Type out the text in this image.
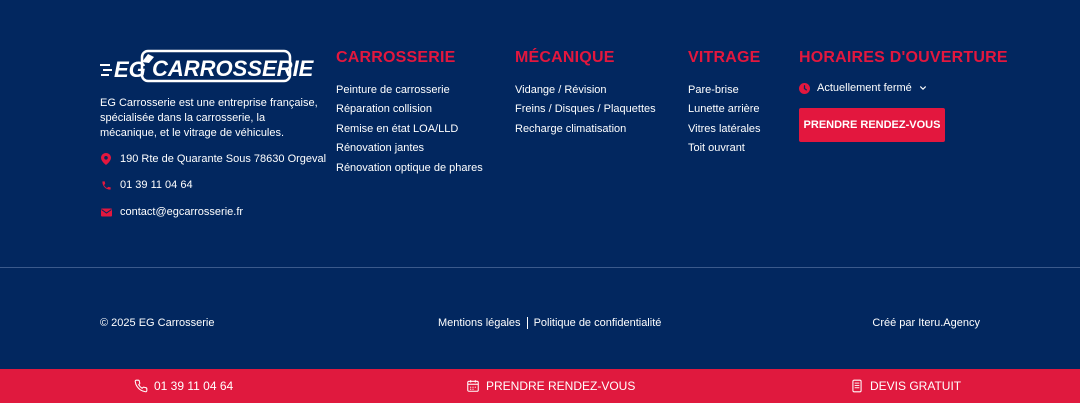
EG CARROSSERIE
EG Carrosserie est une entreprise française, spécialisée dans la carrosserie, la mécanique, et le vitrage de véhicules.
190 Rte de Quarante Sous 78630 Orgeval
01 39 11 04 64
contact@egcarrosserie.fr
CARROSSERIE
Peinture de carrosserie
Réparation collision
Remise en état LOA/LLD
Rénovation jantes
Rénovation optique de phares
MÉCANIQUE
Vidange / Révision
Freins / Disques / Plaquettes
Recharge climatisation
VITRAGE
Pare-brise
Lunette arrière
Vitres latérales
Toit ouvrant
HORAIRES D'OUVERTURE
Actuellement fermé
PRENDRE RENDEZ-VOUS
© 2025 EG Carrosserie	Mentions légales Politique de confidentialité	Créé par Iteru.Agency
01 39 11 04 64	PRENDRE RENDEZ-VOUS	DEVIS GRATUIT
